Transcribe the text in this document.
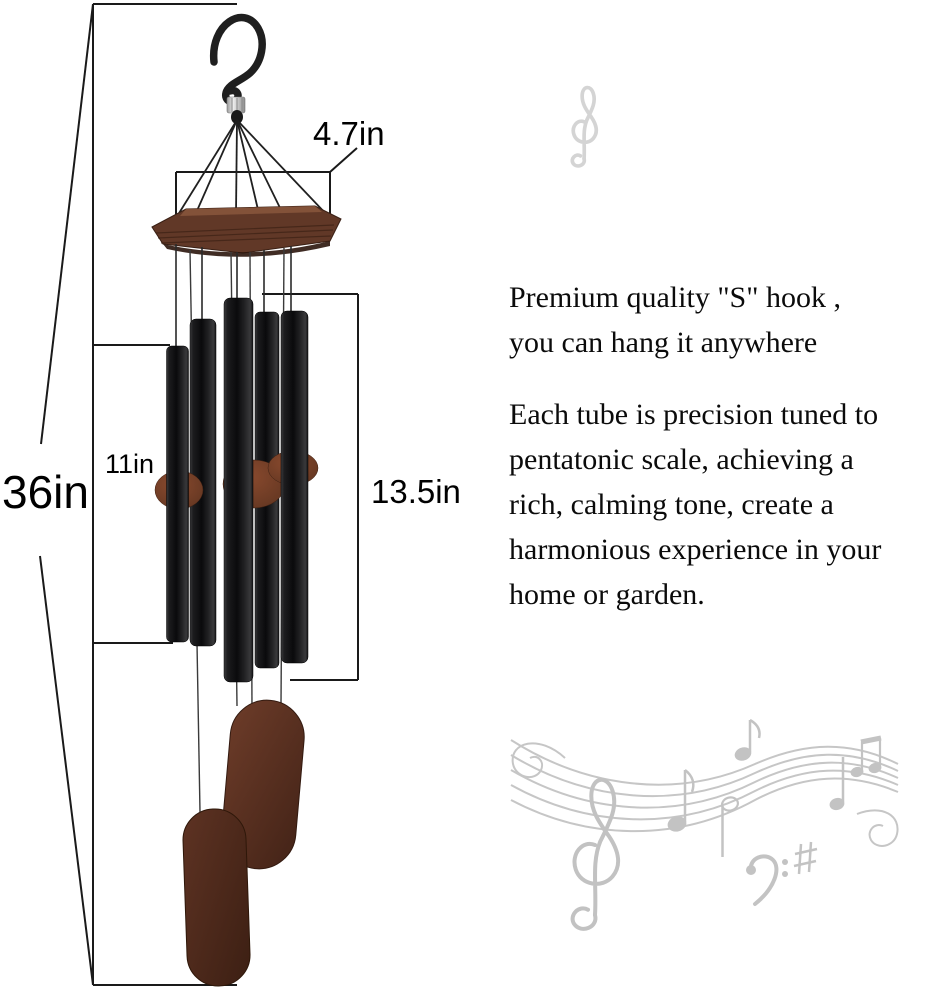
36in
11in
13.5in
4.7in
Premium quality "S" hook ,
you can hang it anywhere
Each tube is precision tuned to
pentatonic scale, achieving a
rich, calming tone, create a
harmonious experience in your
home or garden.
